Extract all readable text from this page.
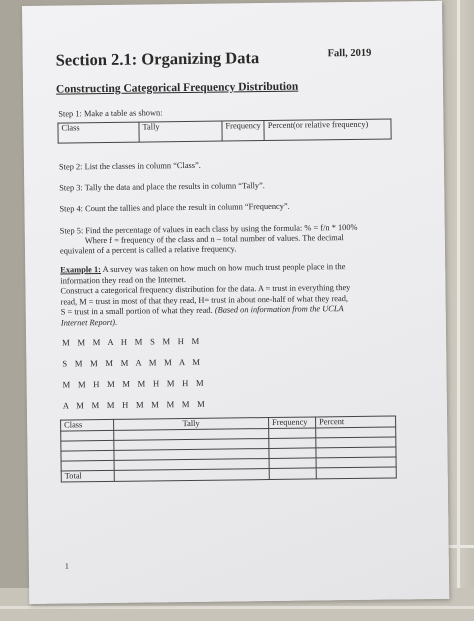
Section 2.1: Organizing Data	Fall, 2019
Constructing Categorical Frequency Distribution
Step 1: Make a table as shown:
Class	Tally	Frequency	Percent(or relative frequency)
Step 2: List the classes in column “Class”.
Step 3: Tally the data and place the results in column “Tally”.
Step 4: Count the tallies and place the result in column “Frequency”.
Step 5: Find the percentage of values in each class by using the formula: % = f/n * 100%
Where f = frequency of the class and n – total number of values. The decimal
equivalent of a percent is called a relative frequency.
Example 1: A survey was taken on how much on how much trust people place in the
information they read on the Internet.
Construct a categorical frequency distribution for the data. A = trust in everything they
read, M = trust in most of that they read, H= trust in about one-half of what they read,
S = trust in a small portion of what they read. (Based on information from the UCLA
Internet Report).
M M M A H M S M H M
S M M M M A M M A M
M M H M M M H M H M
A M M M H M M M M M
Class	Tally	Frequency	Percent

Total			
1
